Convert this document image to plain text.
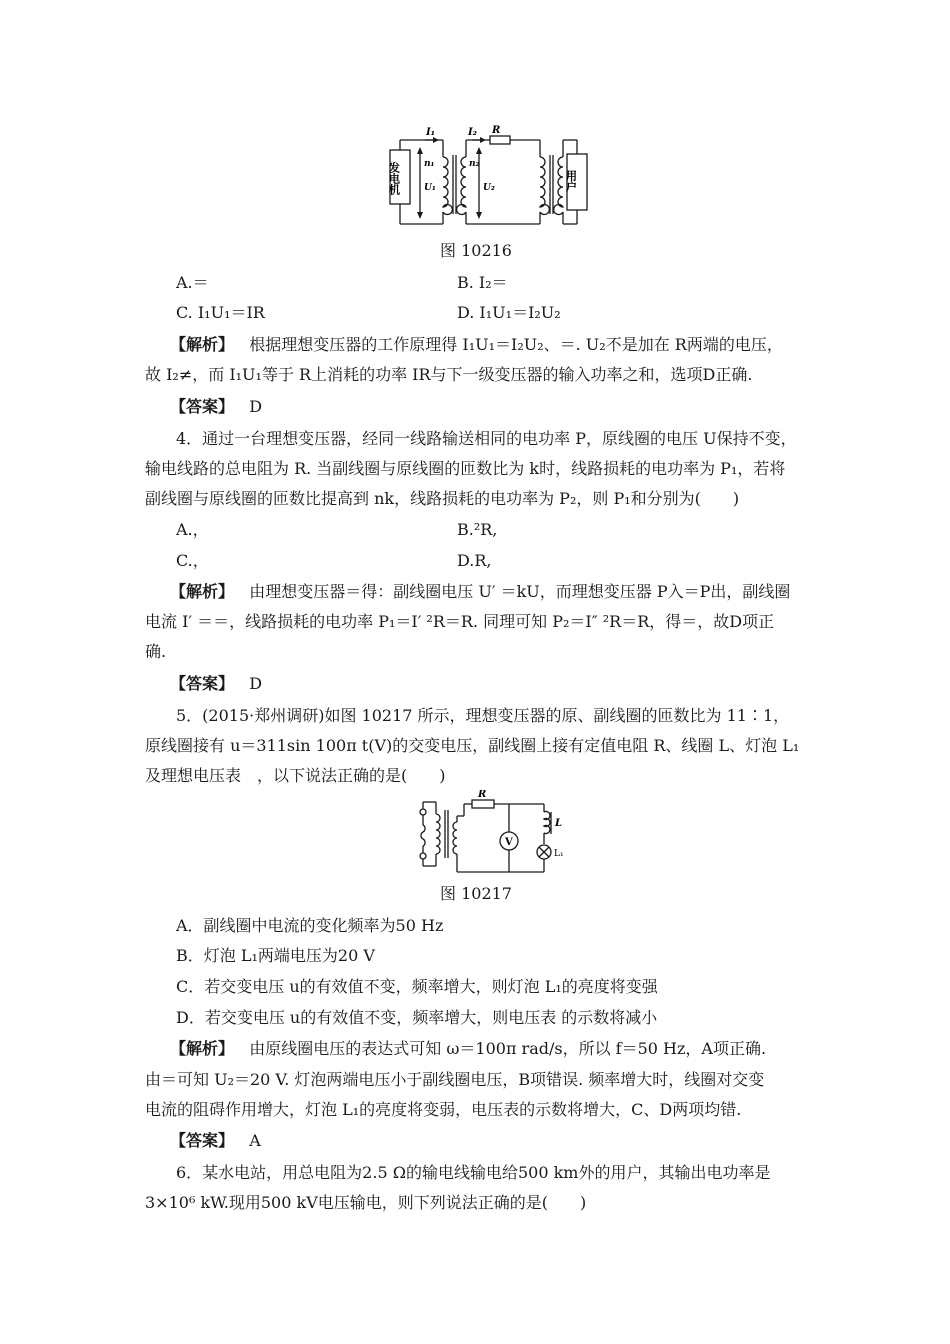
发电机	用户
I₁	I₂ R
n₁	n₂
U₁	U₂
图 10216
A.＝	B. I₂＝
C. I₁U₁＝IR	D. I₁U₁＝I₂U₂
【解析】 根据理想变压器的工作原理得 I₁U₁＝I₂U₂、＝. U₂不是加在 R两端的电压，
故 I₂≠，而 I₁U₁等于 R上消耗的功率 IR与下一级变压器的输入功率之和，选项D正确.
【答案】 D
4．通过一台理想变压器，经同一线路输送相同的电功率 P，原线圈的电压 U保持不变，
输电线路的总电阻为 R. 当副线圈与原线圈的匝数比为 k时，线路损耗的电功率为 P₁，若将
副线圈与原线圈的匝数比提高到 nk，线路损耗的电功率为 P₂，则 P₁和分别为(　　)
A.，	B.²R,
C.，	D.R,
【解析】 由理想变压器＝得：副线圈电压 U′ ＝kU，而理想变压器 P入＝P出，副线圈
电流 I′ ＝＝，线路损耗的电功率 P₁＝I′ ²R＝R. 同理可知 P₂＝I″ ²R＝R，得＝，故D项正
确.
【答案】 D
5．(2015·郑州调研)如图 10217 所示，理想变压器的原、副线圈的匝数比为 11∶1，
原线圈接有 u＝311sin 100π t(V)的交变电压，副线圈上接有定值电阻 R、线圈 L、灯泡 L₁
及理想电压表　，以下说法正确的是(　　)
R
V
L
L₁
图 10217
A．副线圈中电流的变化频率为50 Hz
B．灯泡 L₁两端电压为20 V
C．若交变电压 u的有效值不变，频率增大，则灯泡 L₁的亮度将变强
D．若交变电压 u的有效值不变，频率增大，则电压表 的示数将减小
【解析】 由原线圈电压的表达式可知 ω＝100π rad/s，所以 f＝50 Hz，A项正确.
由＝可知 U₂＝20 V. 灯泡两端电压小于副线圈电压，B项错误. 频率增大时，线圈对交变
电流的阻碍作用增大，灯泡 L₁的亮度将变弱，电压表的示数将增大，C、D两项均错.
【答案】 A
6．某水电站，用总电阻为2.5 Ω的输电线输电给500 km外的用户，其输出电功率是
3×10⁶ kW.现用500 kV电压输电，则下列说法正确的是(　　)
